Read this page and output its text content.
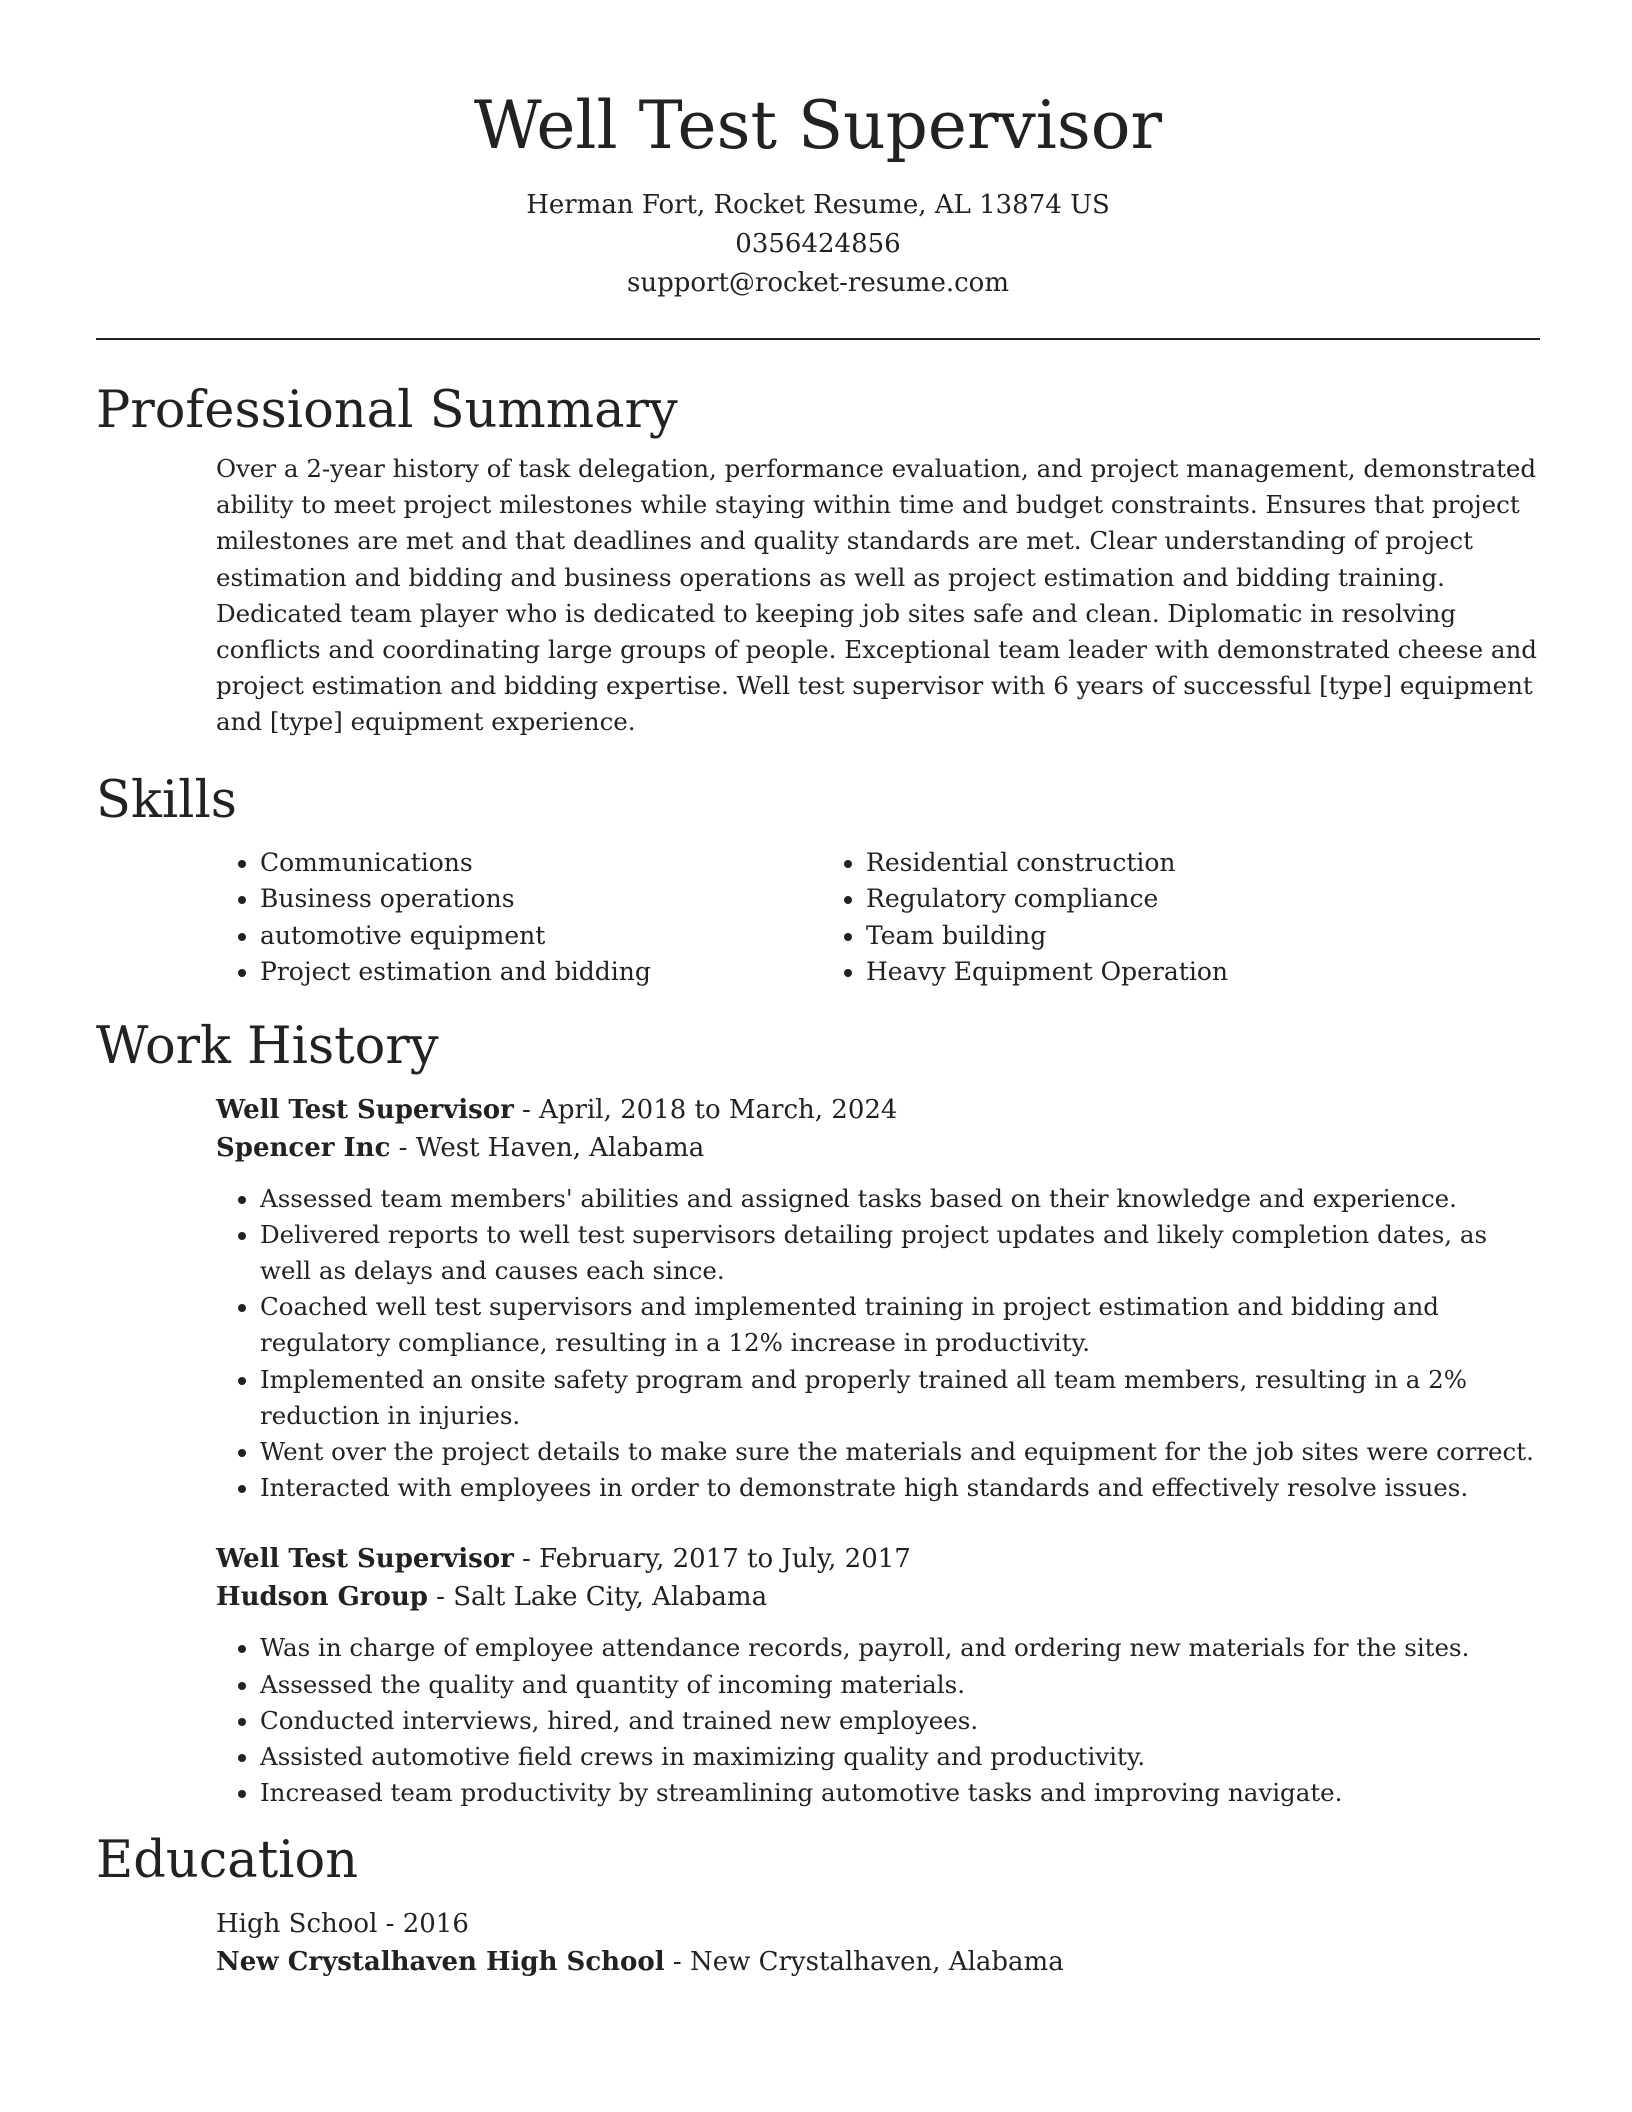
Well Test Supervisor
Herman Fort, Rocket Resume, AL 13874 US
0356424856
support@rocket-resume.com
Professional Summary

Over a 2-year history of task delegation, performance evaluation, and project management, demonstrated ability to meet project milestones while staying within time and budget constraints. Ensures that project milestones are met and that deadlines and quality standards are met. Clear understanding of project estimation and bidding and business operations as well as project estimation and bidding training. Dedicated team player who is dedicated to keeping job sites safe and clean. Diplomatic in resolving conflicts and coordinating large groups of people. Exceptional team leader with demonstrated cheese and project estimation and bidding expertise. Well test supervisor with 6 years of successful [type] equipment and [type] equipment experience.

Skills
• Communications
• Business operations
• automotive equipment
• Project estimation and bidding
• Residential construction
• Regulatory compliance
• Team building
• Heavy Equipment Operation
Work History
Well Test Supervisor - April, 2018 to March, 2024
Spencer Inc - West Haven, Alabama
• Assessed team members' abilities and assigned tasks based on their knowledge and experience.
• Delivered reports to well test supervisors detailing project updates and likely completion dates, as well as delays and causes each since.
• Coached well test supervisors and implemented training in project estimation and bidding and regulatory compliance, resulting in a 12% increase in productivity.
• Implemented an onsite safety program and properly trained all team members, resulting in a 2% reduction in injuries.
• Went over the project details to make sure the materials and equipment for the job sites were correct.
• Interacted with employees in order to demonstrate high standards and effectively resolve issues.
Well Test Supervisor - February, 2017 to July, 2017
Hudson Group - Salt Lake City, Alabama
• Was in charge of employee attendance records, payroll, and ordering new materials for the sites.
• Assessed the quality and quantity of incoming materials.
• Conducted interviews, hired, and trained new employees.
• Assisted automotive field crews in maximizing quality and productivity.
• Increased team productivity by streamlining automotive tasks and improving navigate.
Education
High School - 2016
New Crystalhaven High School - New Crystalhaven, Alabama
